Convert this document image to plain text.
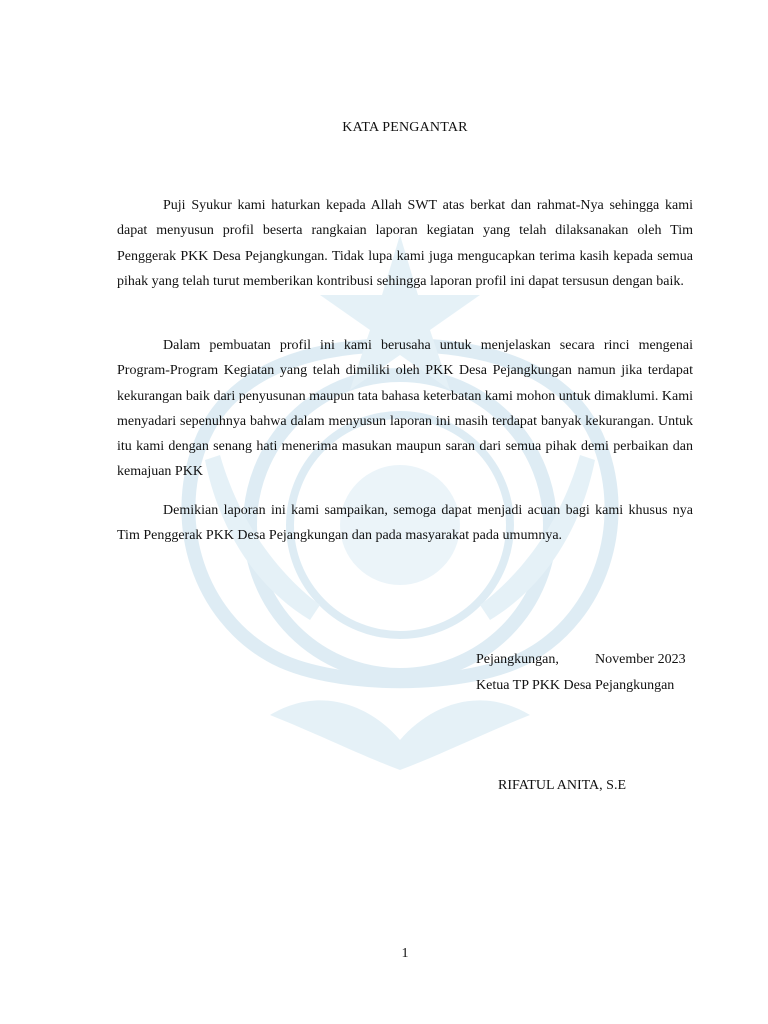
KATA PENGANTAR

Puji Syukur kami haturkan kepada Allah SWT atas berkat dan rahmat-Nya sehingga kami dapat menyusun profil beserta rangkaian laporan kegiatan yang telah dilaksanakan oleh Tim Penggerak PKK Desa Pejangkungan. Tidak lupa kami juga mengucapkan terima kasih kepada semua pihak yang telah turut memberikan kontribusi sehingga laporan profil ini dapat tersusun dengan baik.

Dalam pembuatan profil ini kami berusaha untuk menjelaskan secara rinci mengenai Program-Program Kegiatan yang telah dimiliki oleh PKK Desa Pejangkungan namun jika terdapat kekurangan baik dari penyusunan maupun tata bahasa keterbatan kami mohon untuk dimaklumi. Kami menyadari sepenuhnya bahwa dalam menyusun laporan ini masih terdapat banyak kekurangan. Untuk itu kami dengan senang hati menerima masukan maupun saran dari semua pihak demi perbaikan dan kemajuan PKK

Demikian laporan ini kami sampaikan, semoga dapat menjadi acuan bagi kami khusus nya Tim Penggerak PKK Desa Pejangkungan dan pada masyarakat pada umumnya.

Pejangkungan,	November 2023
Ketua TP PKK Desa Pejangkungan
RIFATUL ANITA, S.E
1
